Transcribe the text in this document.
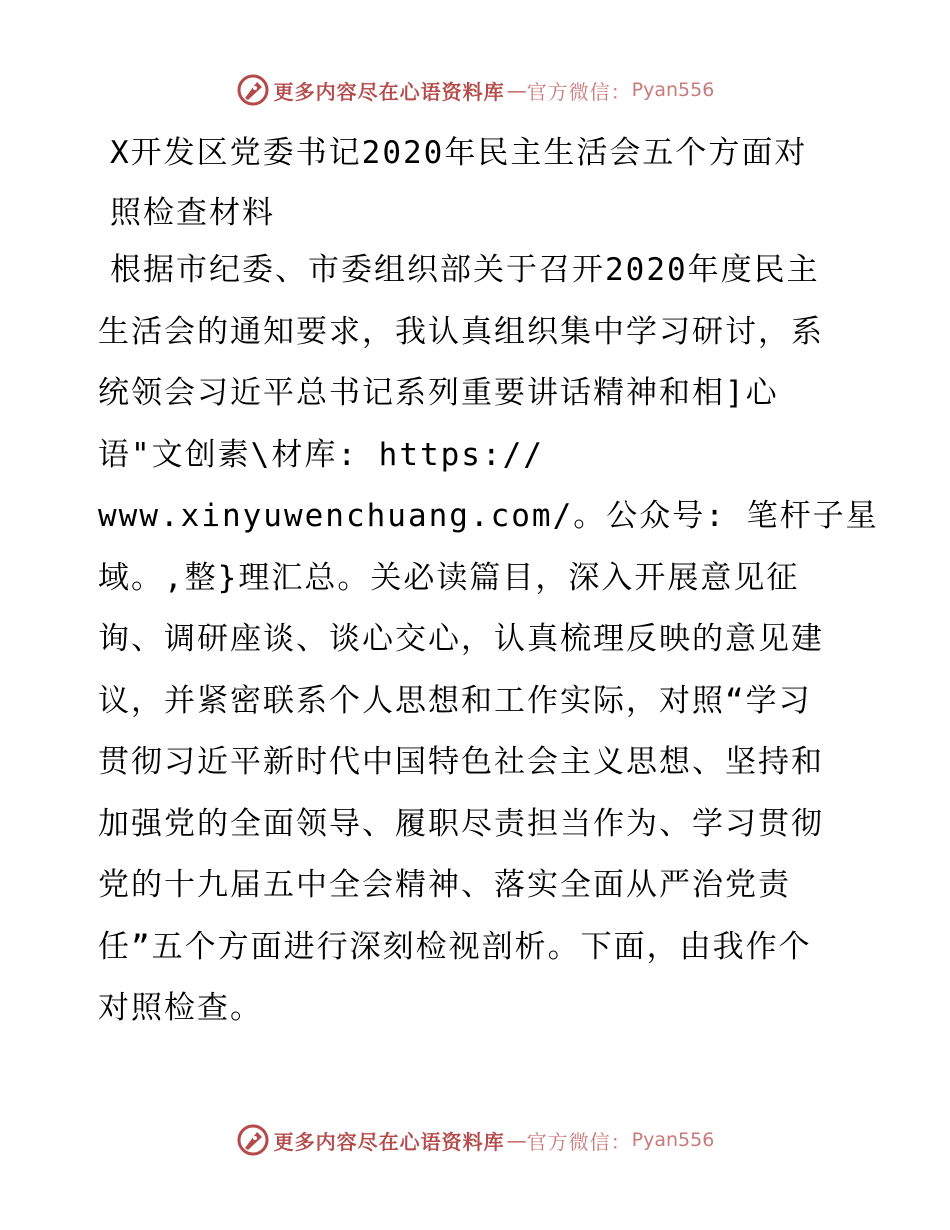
更多内容尽在心语资料库 — 官方微信： Pyan556
X开发区党委书记2020年民主生活会五个方面对
照检查材料
根据市纪委、市委组织部关于召开2020年度民主
生活会的通知要求，我认真组织集中学习研讨，系
统领会习近平总书记系列重要讲话精神和相]心
语"文创素\材库: https://
www.xinyuwenchuang.com/。公众号: 笔杆子星
域。,整}理汇总。关必读篇目，深入开展意见征
询、调研座谈、谈心交心，认真梳理反映的意见建
议，并紧密联系个人思想和工作实际，对照“学习
贯彻习近平新时代中国特色社会主义思想、坚持和
加强党的全面领导、履职尽责担当作为、学习贯彻
党的十九届五中全会精神、落实全面从严治党责
任”五个方面进行深刻检视剖析。下面，由我作个
对照检查。
更多内容尽在心语资料库 — 官方微信： Pyan556
